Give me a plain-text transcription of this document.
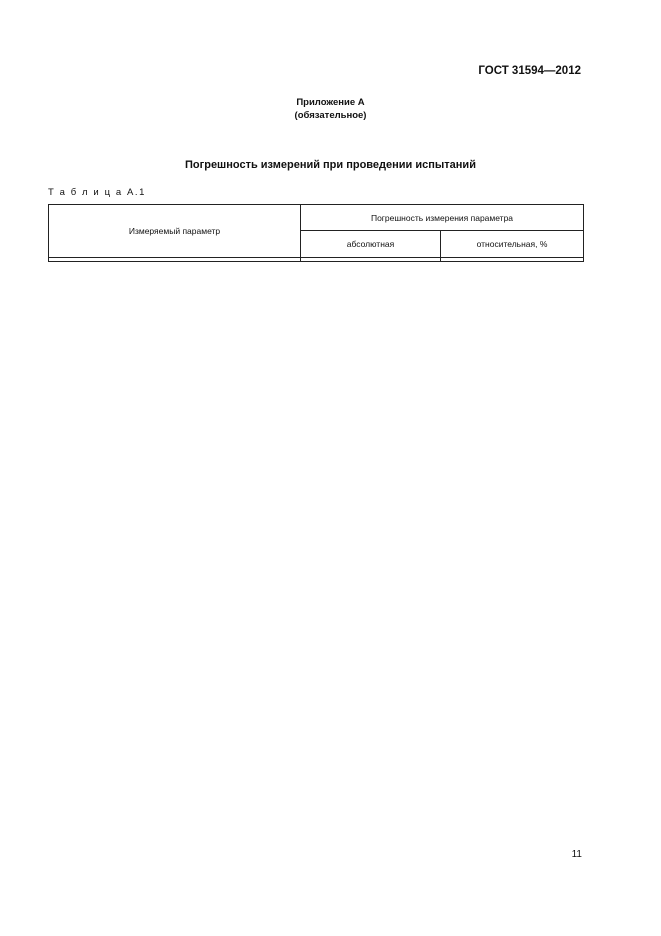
ГОСТ 31594—2012
Приложение А
(обязательное)
Погрешность измерений при проведении испытаний
Т а б л и ц а А.1
Измеряемый параметр	Погрешность измерения параметра	
	абсолютная	относительная, %

11
